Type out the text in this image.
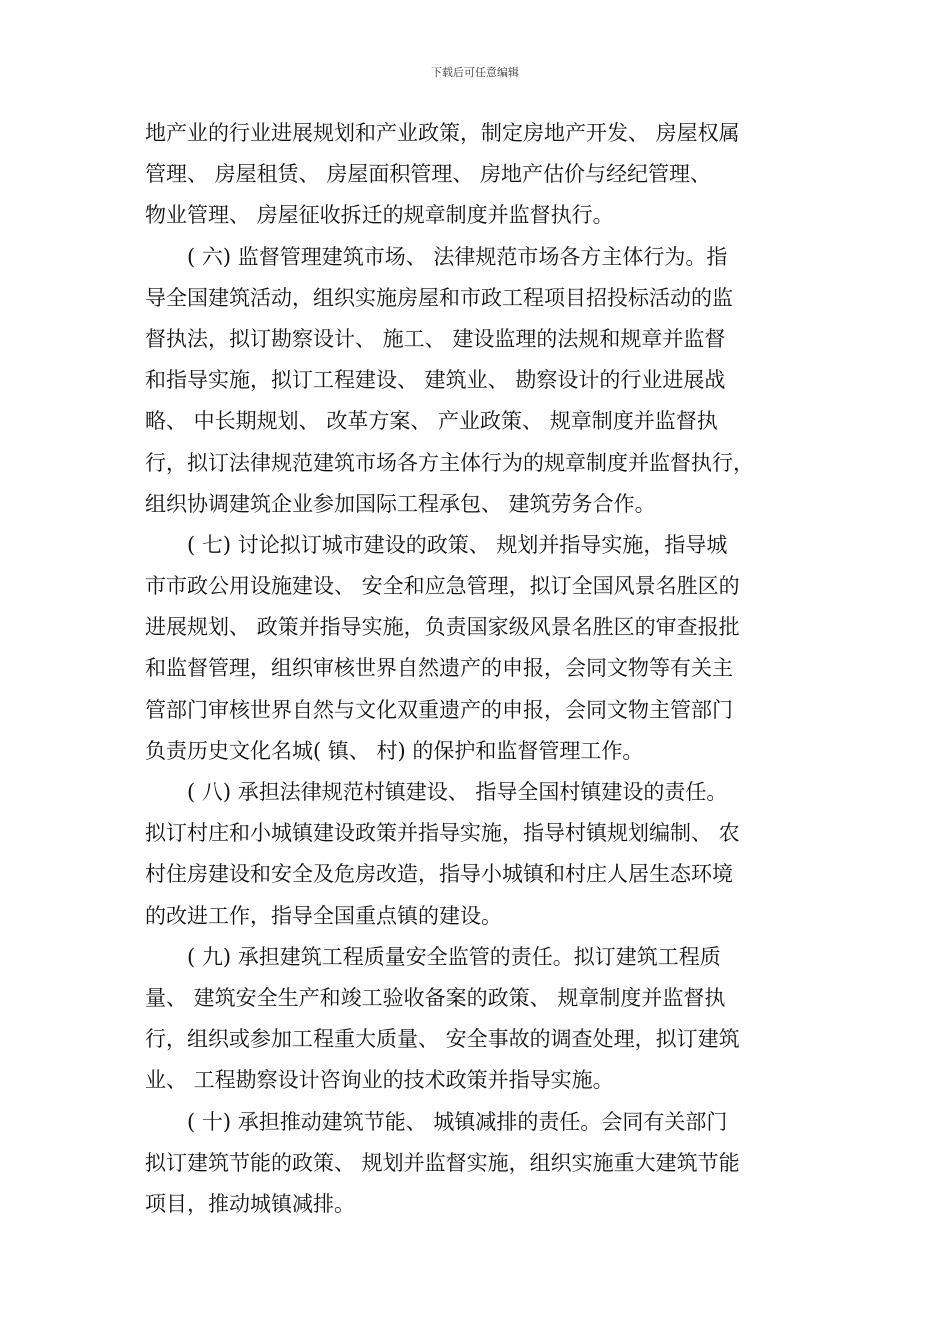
下载后可任意编辑
地产业的行业进展规划和产业政策，制定房地产开发、 房屋权属
管理、 房屋租赁、 房屋面积管理、 房地产估价与经纪管理、
物业管理、 房屋征收拆迁的规章制度并监督执行。
( 六) 监督管理建筑市场、 法律规范市场各方主体行为。指
导全国建筑活动，组织实施房屋和市政工程项目招投标活动的监
督执法，拟订勘察设计、 施工、 建设监理的法规和规章并监督
和指导实施，拟订工程建设、 建筑业、 勘察设计的行业进展战
略、 中长期规划、 改革方案、 产业政策、 规章制度并监督执
行，拟订法律规范建筑市场各方主体行为的规章制度并监督执行，
组织协调建筑企业参加国际工程承包、 建筑劳务合作。
( 七) 讨论拟订城市建设的政策、 规划并指导实施，指导城
市市政公用设施建设、 安全和应急管理，拟订全国风景名胜区的
进展规划、 政策并指导实施，负责国家级风景名胜区的审查报批
和监督管理，组织审核世界自然遗产的申报，会同文物等有关主
管部门审核世界自然与文化双重遗产的申报，会同文物主管部门
负责历史文化名城( 镇、 村) 的保护和监督管理工作。
( 八) 承担法律规范村镇建设、 指导全国村镇建设的责任。
拟订村庄和小城镇建设政策并指导实施，指导村镇规划编制、 农
村住房建设和安全及危房改造，指导小城镇和村庄人居生态环境
的改进工作，指导全国重点镇的建设。
( 九) 承担建筑工程质量安全监管的责任。拟订建筑工程质
量、 建筑安全生产和竣工验收备案的政策、 规章制度并监督执
行，组织或参加工程重大质量、 安全事故的调查处理，拟订建筑
业、 工程勘察设计咨询业的技术政策并指导实施。
( 十) 承担推动建筑节能、 城镇减排的责任。会同有关部门
拟订建筑节能的政策、 规划并监督实施，组织实施重大建筑节能
项目，推动城镇减排。
